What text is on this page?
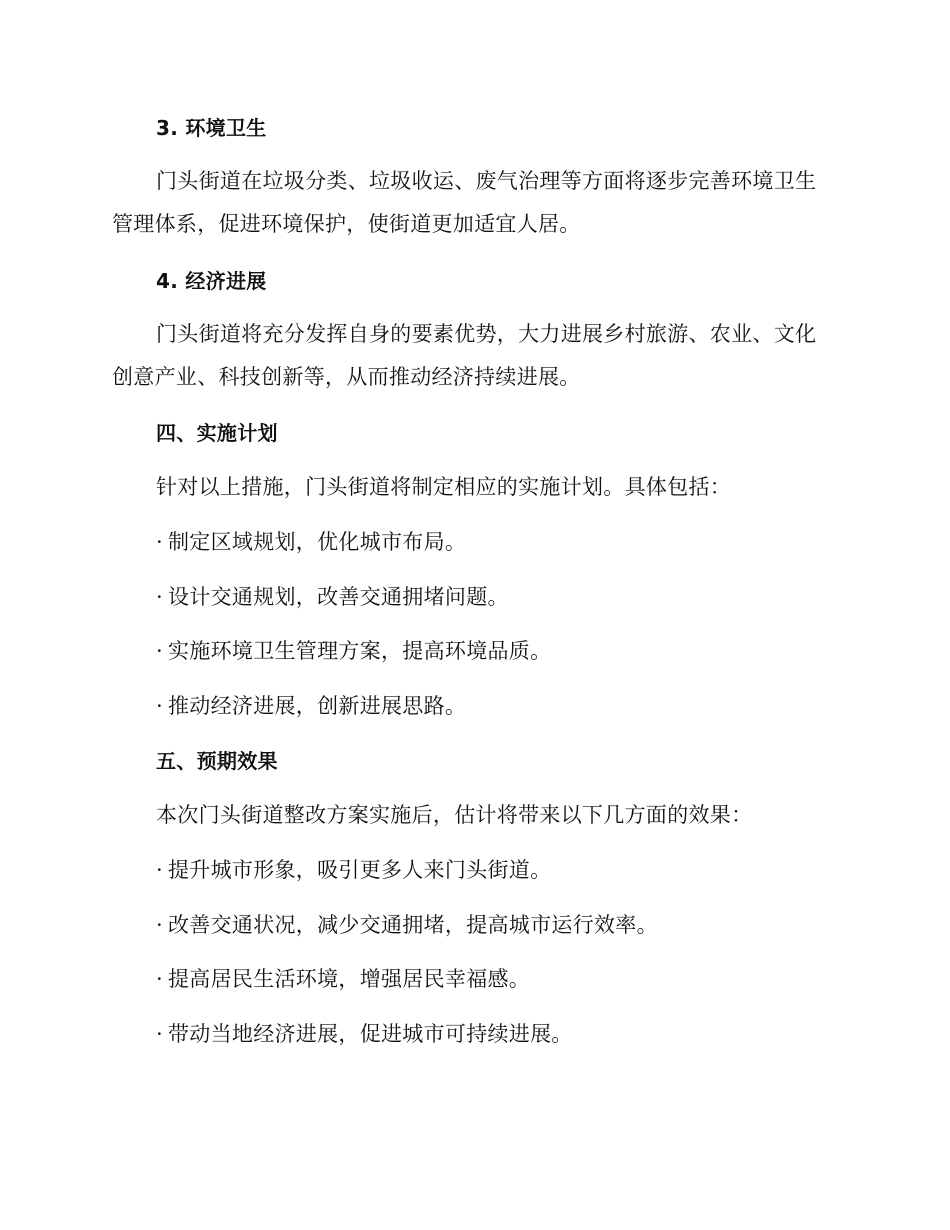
3. 环境卫生
门头街道在垃圾分类、垃圾收运、废气治理等方面将逐步完善环境卫生
管理体系，促进环境保护，使街道更加适宜人居。
4. 经济进展
门头街道将充分发挥自身的要素优势，大力进展乡村旅游、农业、文化
创意产业、科技创新等，从而推动经济持续进展。
四、实施计划
针对以上措施，门头街道将制定相应的实施计划。具体包括：
· 制定区域规划，优化城市布局。
· 设计交通规划，改善交通拥堵问题。
· 实施环境卫生管理方案，提高环境品质。
· 推动经济进展，创新进展思路。
五、预期效果
本次门头街道整改方案实施后，估计将带来以下几方面的效果：
· 提升城市形象，吸引更多人来门头街道。
· 改善交通状况，减少交通拥堵，提高城市运行效率。
· 提高居民生活环境，增强居民幸福感。
· 带动当地经济进展，促进城市可持续进展。
